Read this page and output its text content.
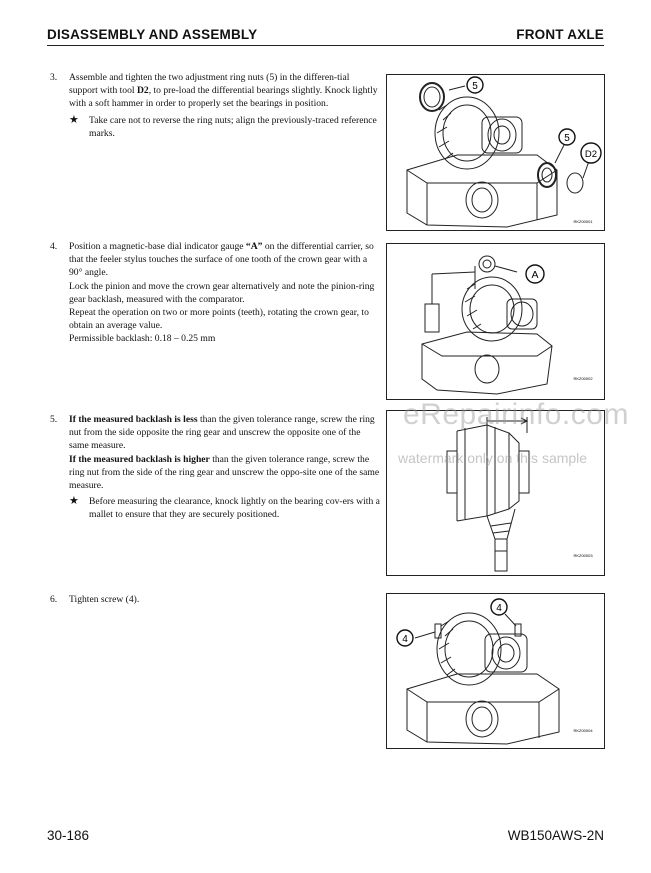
DISASSEMBLY AND ASSEMBLY	FRONT AXLE
3. Assemble and tighten the two adjustment ring nuts (5) in the differen-tial support with tool D2, to pre-load the differential bearings slightly. Knock lightly with a soft hammer in order to properly set the bearings in position.

★ Take care not to reverse the ring nuts; align the previously-traced reference marks.
5
5
D2
RKZ00001
4. Position a magnetic-base dial indicator gauge “A” on the differential carrier, so that the feeler stylus touches the surface of one tooth of the crown gear with a 90° angle.

Lock the pinion and move the crown gear alternatively and note the pinion-ring gear backlash, measured with the comparator.

Repeat the operation on two or more points (teeth), rotating the crown gear, to obtain an average value.

Permissible backlash: 0.18 – 0.25 mm

A
RKZ00002
5. If the measured backlash is less than the given tolerance range, screw the ring nut from the side opposite the ring gear and unscrew the opposite one of the same measure.

If the measured backlash is higher than the given tolerance range, screw the ring nut from the side of the ring gear and unscrew the oppo-site one of the same measure.

★ Before measuring the clearance, knock lightly on the bearing cov-ers with a mallet to ensure that they are securely positioned.
RKZ00003
eRepairinfo.com
watermark only on this sample
6. Tighten screw (4).

4
4
RKZ00004
30-186	WB150AWS-2N
